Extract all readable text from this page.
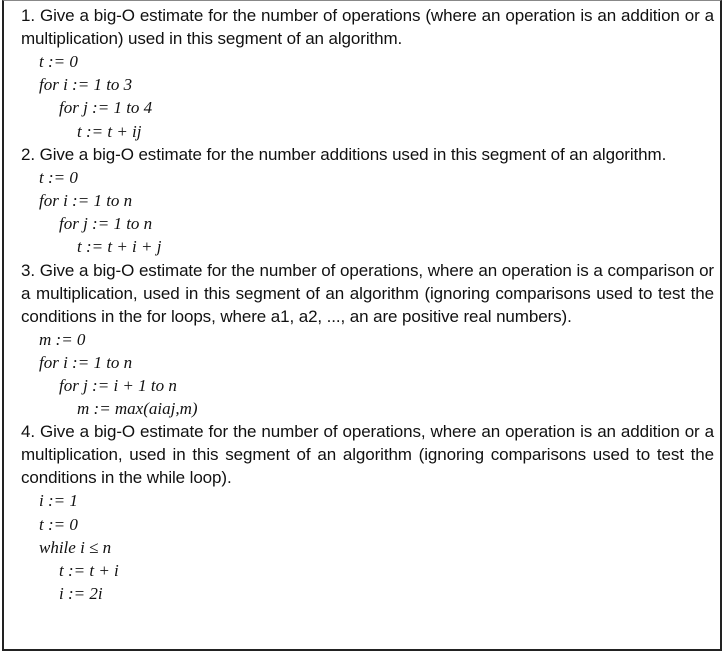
1. Give a big-O estimate for the number of operations (where an operation is an addition or a multiplication) used in this segment of an algorithm.
t := 0
for i := 1 to 3
for j := 1 to 4
t := t + ij
2. Give a big-O estimate for the number additions used in this segment of an algorithm.
t := 0
for i := 1 to n
for j := 1 to n
t := t + i + j
3. Give a big-O estimate for the number of operations, where an operation is a comparison or a multiplication, used in this segment of an algorithm (ignoring comparisons used to test the conditions in the for loops, where a1, a2, ..., an are positive real numbers).
m := 0
for i := 1 to n
for j := i + 1 to n
m := max(aiaj,m)
4. Give a big-O estimate for the number of operations, where an operation is an addition or a multiplication, used in this segment of an algorithm (ignoring comparisons used to test the conditions in the while loop).
i := 1
t := 0
while i ≤ n
t := t + i
i := 2i
